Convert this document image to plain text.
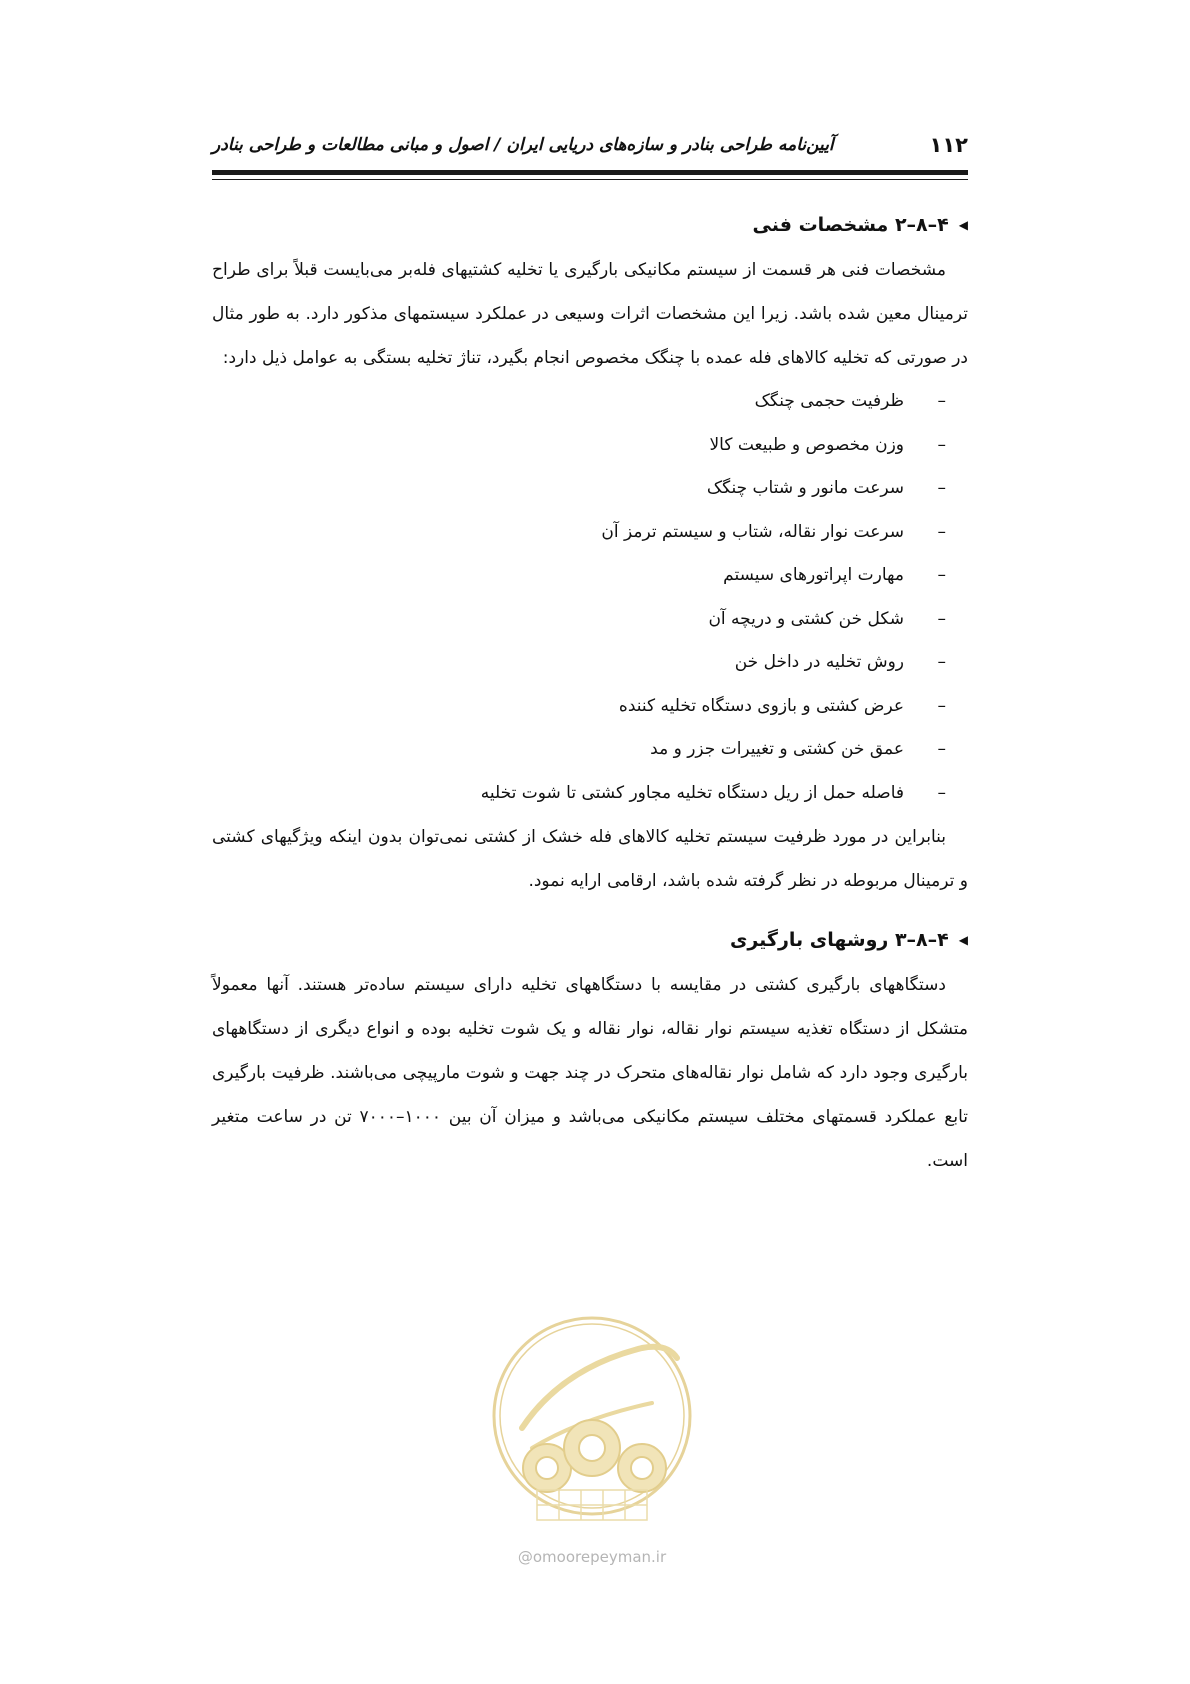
۱۱۲
آیین‌نامه طراحی بنادر و سازه‌های دریایی ایران / اصول و مبانی مطالعات و طراحی بنادر
◀
۴–۸–۲ مشخصات فنی

مشخصات فنی هر قسمت از سیستم مکانیکی بارگیری یا تخلیه کشتیهای فله‌بر می‌بایست قبلاً برای طراح ترمینال معین شده باشد. زیرا این مشخصات اثرات وسیعی در عملکرد سیستمهای مذکور دارد. به طور مثال در صورتی که تخلیه کالاهای فله عمده با چنگک مخصوص انجام بگیرد، تناژ تخلیه بستگی به عوامل ذیل دارد:

–
ظرفیت حجمی چنگک
–
وزن مخصوص و طبیعت کالا
–
سرعت مانور و شتاب چنگک
–
سرعت نوار نقاله، شتاب و سیستم ترمز آن
–
مهارت اپراتورهای سیستم
–
شکل خن کشتی و دریچه آن
–
روش تخلیه در داخل خن
–
عرض کشتی و بازوی دستگاه تخلیه کننده
–
عمق خن کشتی و تغییرات جزر و مد
–
فاصله حمل از ریل دستگاه تخلیه مجاور کشتی تا شوت تخلیه

بنابراین در مورد ظرفیت سیستم تخلیه کالاهای فله خشک از کشتی نمی‌توان بدون اینکه ویژگیهای کشتی و ترمینال مربوطه در نظر گرفته شده باشد، ارقامی ارایه نمود.

◀
۴–۸–۳ روشهای بارگیری

دستگاههای بارگیری کشتی در مقایسه با دستگاههای تخلیه دارای سیستم ساده‌تر هستند. آنها معمولاً متشکل از دستگاه تغذیه سیستم نوار نقاله، نوار نقاله و یک شوت تخلیه بوده و انواع دیگری از دستگاههای بارگیری وجود دارد که شامل نوار نقاله‌های متحرک در چند جهت و شوت مارپیچی می‌باشند. ظرفیت بارگیری تابع عملکرد قسمتهای مختلف سیستم مکانیکی می‌باشد و میزان آن بین ۱۰۰۰–۷۰۰۰ تن در ساعت متغیر است.

@omoorepeyman.ir
